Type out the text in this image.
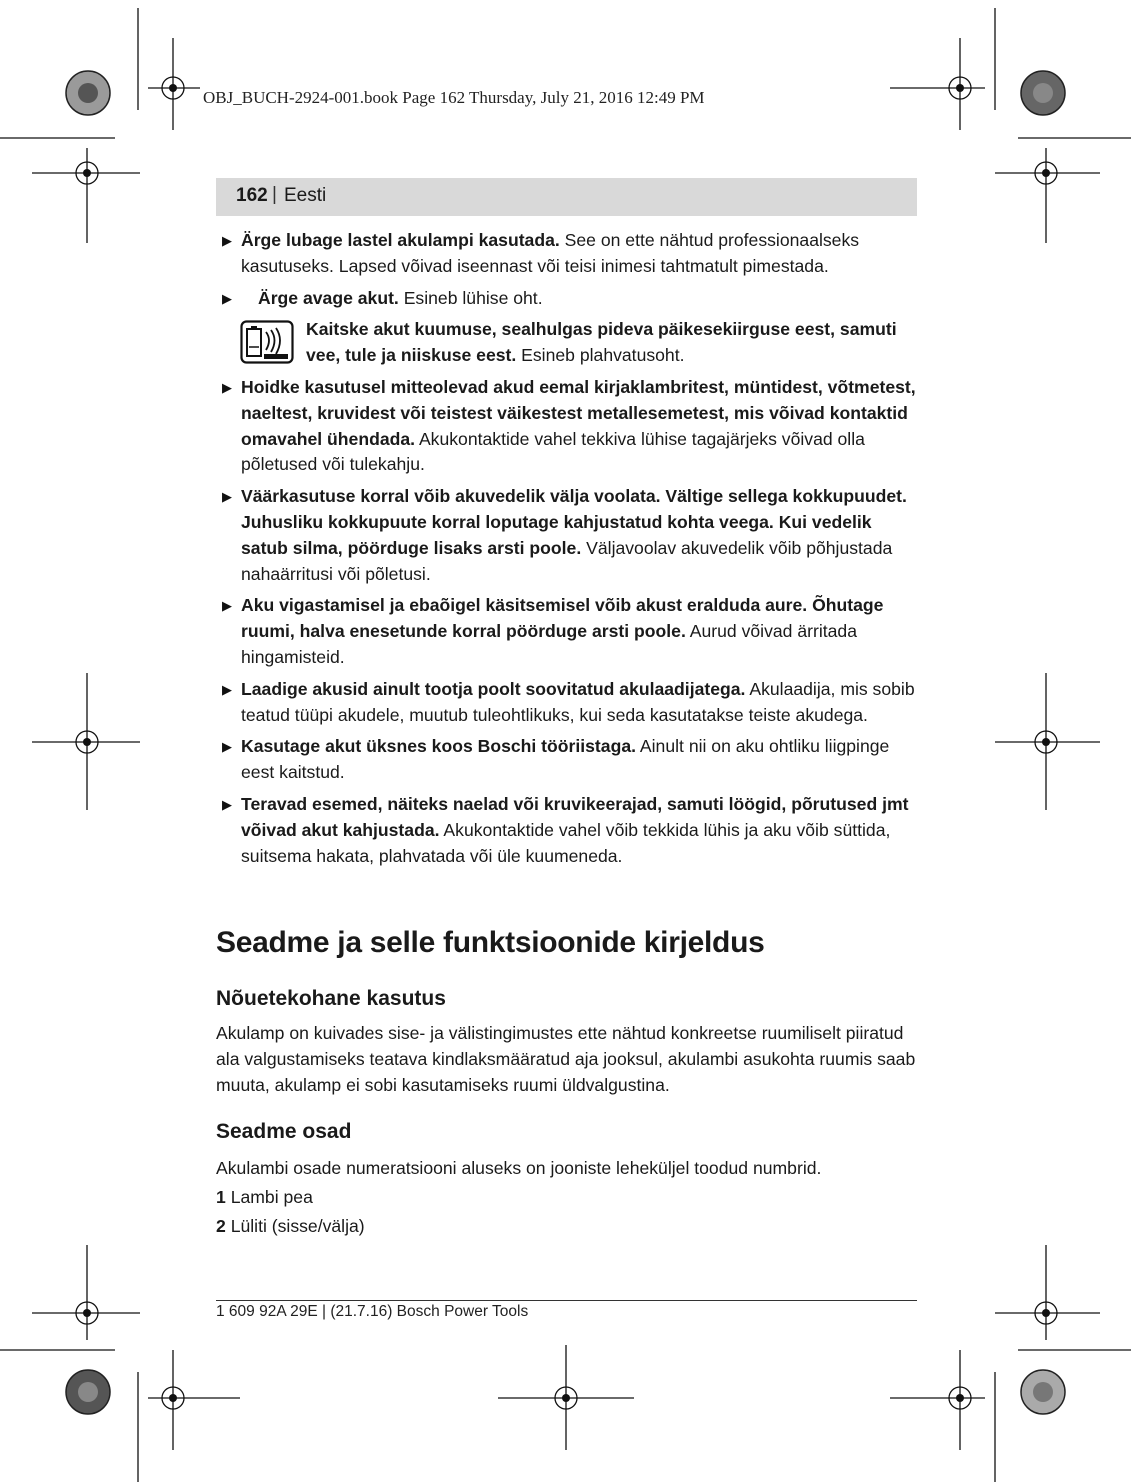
OBJ_BUCH-2924-001.book Page 162 Thursday, July 21, 2016 12:49 PM
162 | Eesti
▶ Ärge lubage lastel akulampi kasutada. See on ette nähtud professionaalseks kasutuseks. Lapsed võivad iseennast või teisi inimesi tahtmatult pimestada.
▶ Ärge avage akut. Esineb lühise oht.
Kaitske akut kuumuse, sealhulgas pideva päikesekiirguse eest, samuti vee, tule ja niiskuse eest. Esineb plahvatusoht.
▶ Hoidke kasutusel mitteolevad akud eemal kirjaklambritest, müntidest, võtmetest, naeltest, kruvidest või teistest väikestest metallesemetest, mis võivad kontaktid omavahel ühendada. Akukontaktide vahel tekkiva lühise tagajärjeks võivad olla põletused või tulekahju.
▶ Väärkasutuse korral võib akuvedelik välja voolata. Vältige sellega kokkupuudet. Juhusliku kokkupuute korral loputage kahjustatud kohta veega. Kui vedelik satub silma, pöörduge lisaks arsti poole. Väljavoolav akuvedelik võib põhjustada nahaärritusi või põletusi.
▶ Aku vigastamisel ja ebaõigel käsitsemisel võib akust eralduda aure. Õhutage ruumi, halva enesetunde korral pöörduge arsti poole. Aurud võivad ärritada hingamisteid.
▶ Laadige akusid ainult tootja poolt soovitatud akulaadijatega. Akulaadija, mis sobib teatud tüüpi akudele, muutub tuleohtlikuks, kui seda kasutatakse teiste akudega.
▶ Kasutage akut üksnes koos Boschi tööriistaga. Ainult nii on aku ohtliku liigpinge eest kaitstud.
▶ Teravad esemed, näiteks naelad või kruvikeerajad, samuti löögid, põrutused jmt võivad akut kahjustada. Akukontaktide vahel võib tekkida lühis ja aku võib süttida, suitsema hakata, plahvatada või üle kuumeneda.
Seadme ja selle funktsioonide kirjeldus
Nõuetekohane kasutus
Akulamp on kuivades sise- ja välistingimustes ette nähtud konkreetse ruumiliselt piiratud ala valgustamiseks teatava kindlaksmääratud aja jooksul, akulambi asukohta ruumis saab muuta, akulamp ei sobi kasutamiseks ruumi üldvalgustina.
Seadme osad
Akulambi osade numeratsiooni aluseks on jooniste leheküljel toodud numbrid.
1 Lambi pea
2 Lüliti (sisse/välja)
1 609 92A 29E | (21.7.16) Bosch Power Tools
